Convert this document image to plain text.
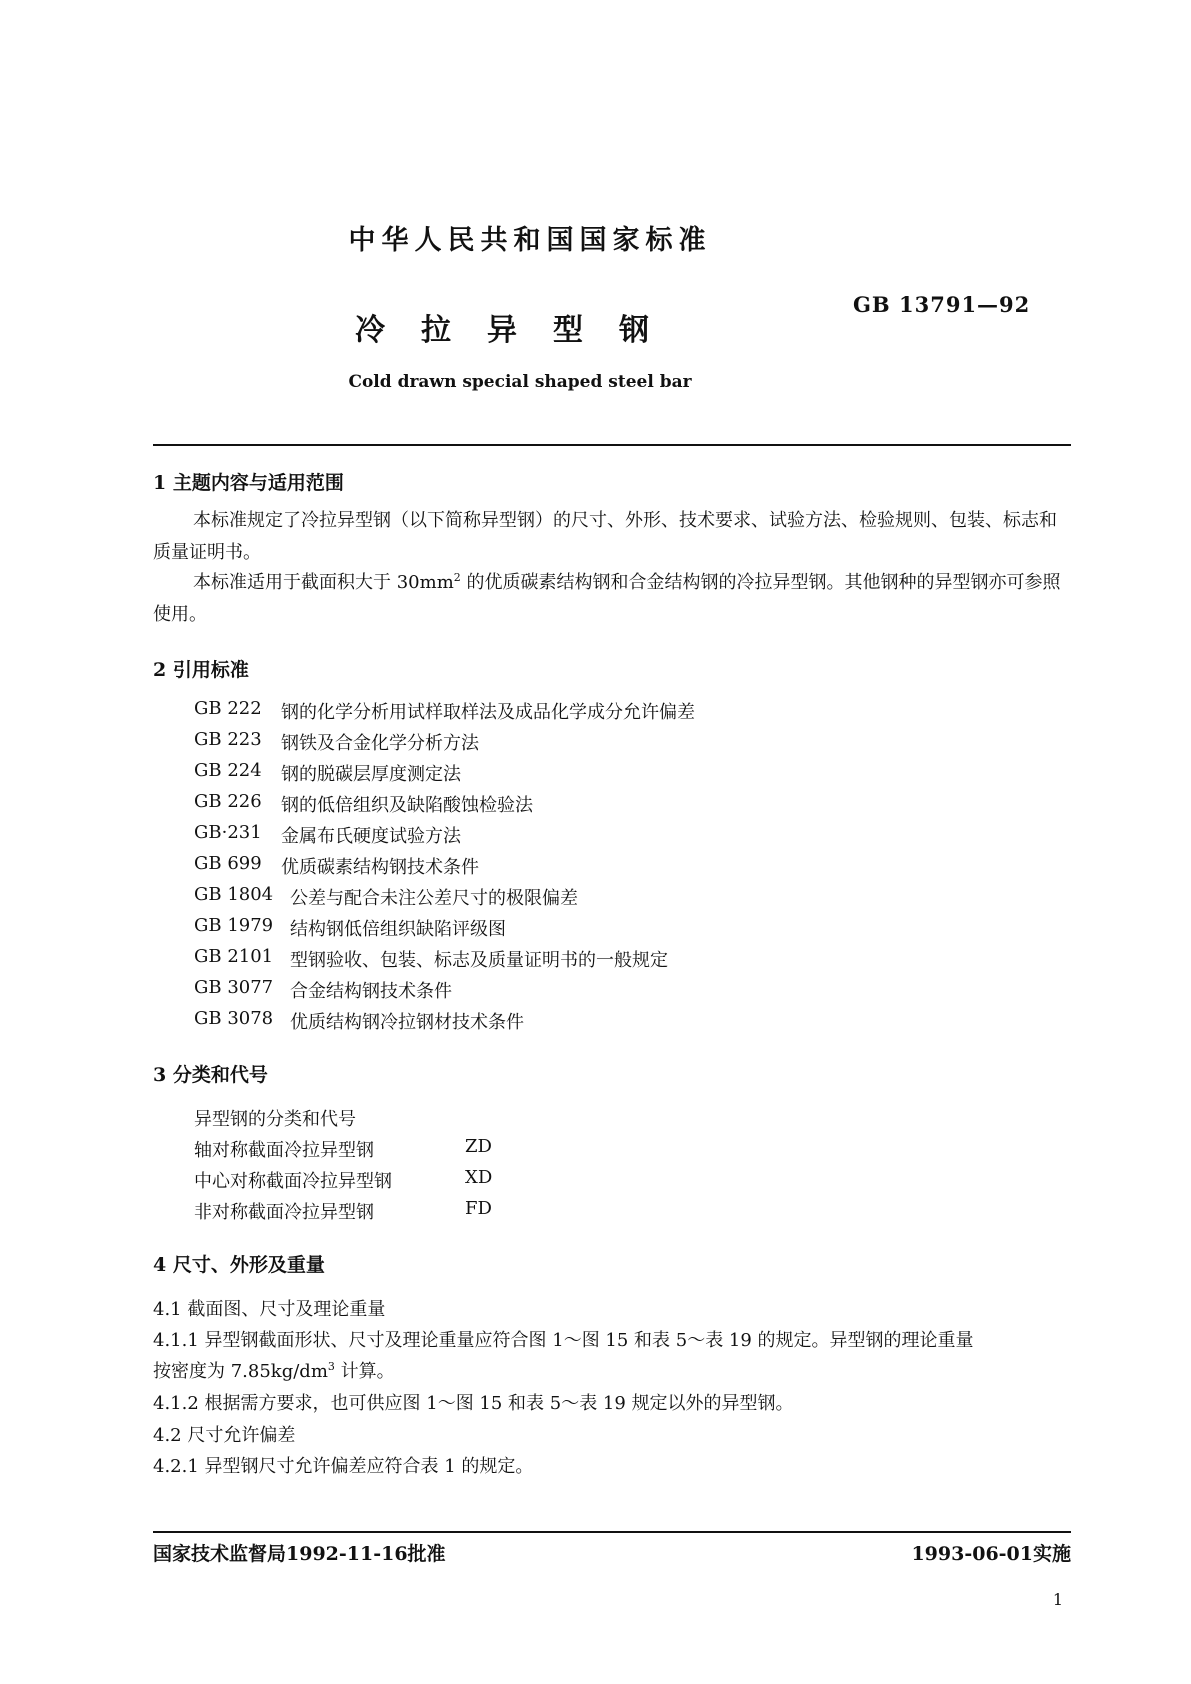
中华人民共和国国家标准
GB 13791—92
冷拉异型钢
Cold drawn special shaped steel bar
1 主题内容与适用范围
本标准规定了冷拉异型钢（以下简称异型钢）的尺寸、外形、技术要求、试验方法、检验规则、包装、标志和质量证明书。
本标准适用于截面积大于 $30mm^2$ 的优质碳素结构钢和合金结构钢的冷拉异型钢。其他钢种的异型钢亦可参照使用。
2 引用标准
GB 222 钢的化学分析用试样取样法及成品化学成分允许偏差
GB 223 钢铁及合金化学分析方法
GB 224 钢的脱碳层厚度测定法
GB 226 钢的低倍组织及缺陷酸蚀检验法
GB·231 金属布氏硬度试验方法
GB 699 优质碳素结构钢技术条件
GB 1804 公差与配合未注公差尺寸的极限偏差
GB 1979 结构钢低倍组织缺陷评级图
GB 2101 型钢验收、包装、标志及质量证明书的一般规定
GB 3077 合金结构钢技术条件
GB 3078 优质结构钢冷拉钢材技术条件
3 分类和代号
异型钢的分类和代号
轴对称截面冷拉异型钢	ZD
中心对称截面冷拉异型钢	XD
非对称截面冷拉异型钢	FD
4 尺寸、外形及重量
4.1 截面图、尺寸及理论重量
4.1.1 异型钢截面形状、尺寸及理论重量应符合图 1～图 15 和表 5～表 19 的规定。异型钢的理论重量
按密度为 $7.85kg/dm^3$ 计算。
4.1.2 根据需方要求，也可供应图 1～图 15 和表 5～表 19 规定以外的异型钢。
4.2 尺寸允许偏差
4.2.1 异型钢尺寸允许偏差应符合表 1 的规定。
国家技术监督局1992-11-16批准	1993-06-01实施
1
